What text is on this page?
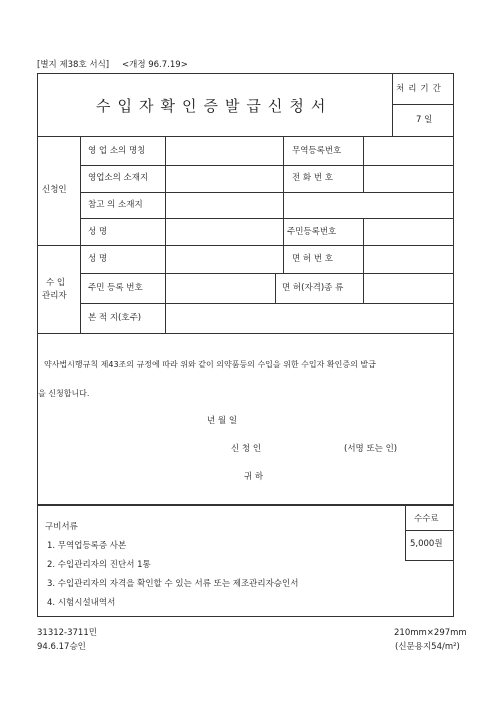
[별지 제38호 서식] <개정 96.7.19>
수입자확인증발급신청서
처리기간
7 일
신청인
영 업 소의 명칭	무역등록번호
영업소의 소재지	전 화 번 호
참고 의 소재지
성 명	주민등록번호
수 입
관리자
성 명	면 허 번 호
주민 등록 번호	면 허(자격)종 류
본 적 지(호주)
약사법시행규칙 제43조의 규정에 따라 위와 같이 의약품등의 수입을 위한 수입자 확인증의 발급
을 신청합니다.
년 월 일
신 청 인	(서명 또는 인)
귀 하
수수료
5,000원
구비서류
1. 무역업등록증 사본
2. 수입관리자의 진단서 1통
3. 수입관리자의 자격을 확인할 수 있는 서류 또는 제조관리자승인서
4. 시험시설내역서
31312-3711민
94.6.17승인
210mm×297mm
(신문용지54/m²)
